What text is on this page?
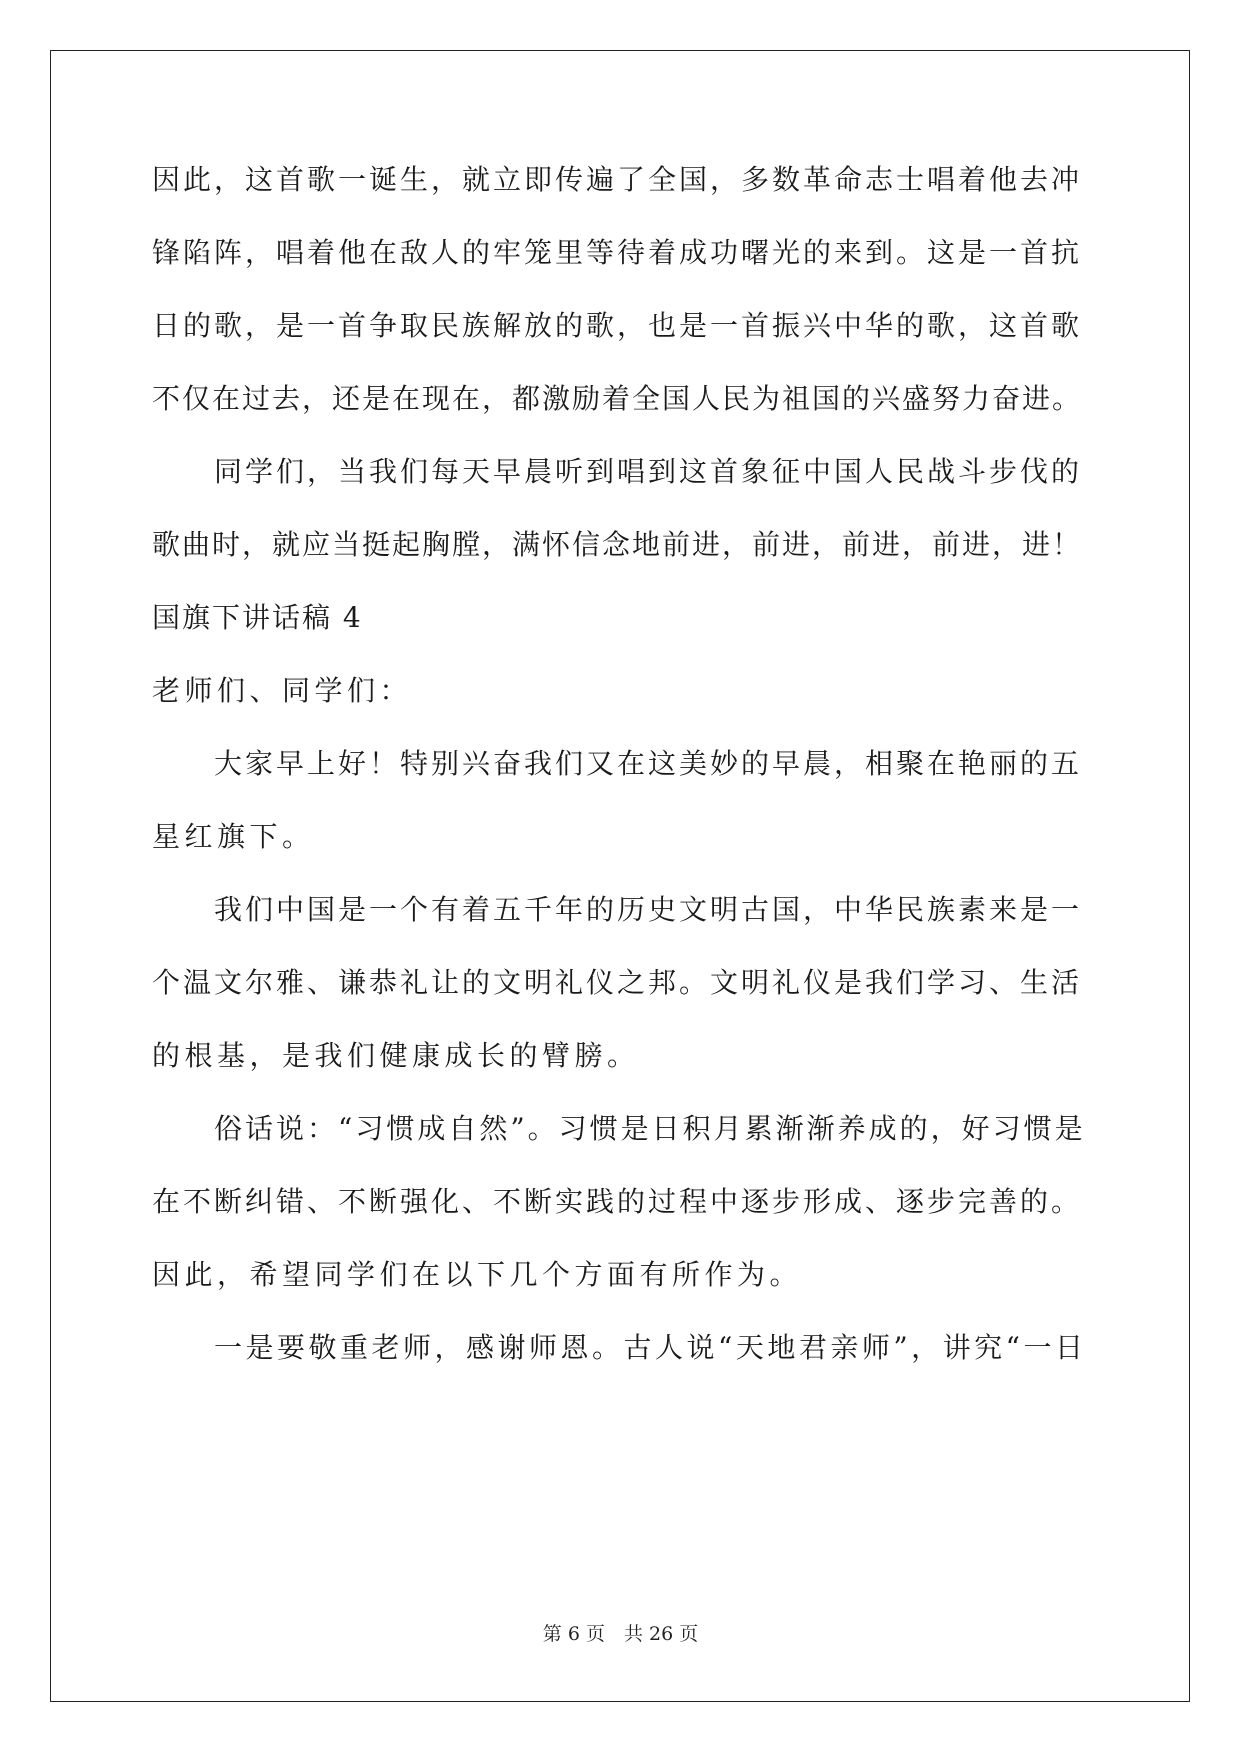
因此，这首歌一诞生，就立即传遍了全国，多数革命志士唱着他去冲
锋陷阵，唱着他在敌人的牢笼里等待着成功曙光的来到。这是一首抗
日的歌，是一首争取民族解放的歌，也是一首振兴中华的歌，这首歌
不仅在过去，还是在现在，都激励着全国人民为祖国的兴盛努力奋进。
同学们，当我们每天早晨听到唱到这首象征中国人民战斗步伐的
歌曲时，就应当挺起胸膛，满怀信念地前进，前进，前进，前进，进！
国旗下讲话稿 4
老师们、同学们：
大家早上好！特别兴奋我们又在这美妙的早晨，相聚在艳丽的五
星红旗下。
我们中国是一个有着五千年的历史文明古国，中华民族素来是一
个温文尔雅、谦恭礼让的文明礼仪之邦。文明礼仪是我们学习、生活
的根基，是我们健康成长的臂膀。
俗话说：“习惯成自然”。习惯是日积月累渐渐养成的，好习惯是
在不断纠错、不断强化、不断实践的过程中逐步形成、逐步完善的。
因此，希望同学们在以下几个方面有所作为。
一是要敬重老师，感谢师恩。古人说“天地君亲师”，讲究“一日
第 6 页　共 26 页
